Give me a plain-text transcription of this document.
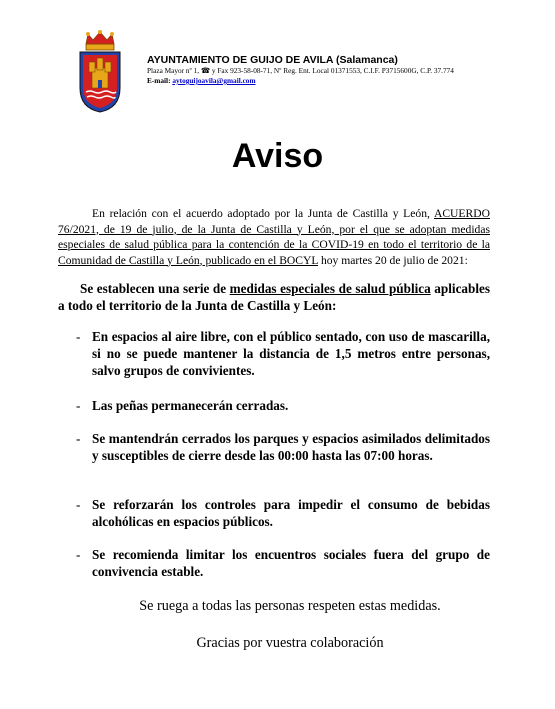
AYUNTAMIENTO DE GUIJO DE AVILA (Salamanca)
Plaza Mayor nº 1, ☎ y Fax 923-58-08-71, Nº Reg. Ent. Local 01371553, C.I.F. P3715600G, C.P. 37.774
E-mail: aytoguijoavila@gmail.com
Aviso

En relación con el acuerdo adoptado por la Junta de Castilla y León, ACUERDO 76/2021, de 19 de julio, de la Junta de Castilla y León, por el que se adoptan medidas especiales de salud pública para la contención de la COVID-19 en todo el territorio de la Comunidad de Castilla y León, publicado en el BOCYL hoy martes 20 de julio de 2021:

Se establecen una serie de medidas especiales de salud pública aplicables a todo el territorio de la Junta de Castilla y León:

- En espacios al aire libre, con el público sentado, con uso de mascarilla, si no se puede mantener la distancia de 1,5 metros entre personas, salvo grupos de convivientes.
- Las peñas permanecerán cerradas.
- Se mantendrán cerrados los parques y espacios asimilados delimitados y susceptibles de cierre desde las 00:00 hasta las 07:00 horas.
- Se reforzarán los controles para impedir el consumo de bebidas alcohólicas en espacios públicos.
- Se recomienda limitar los encuentros sociales fuera del grupo de convivencia estable.
Se ruega a todas las personas respeten estas medidas.
Gracias por vuestra colaboración
